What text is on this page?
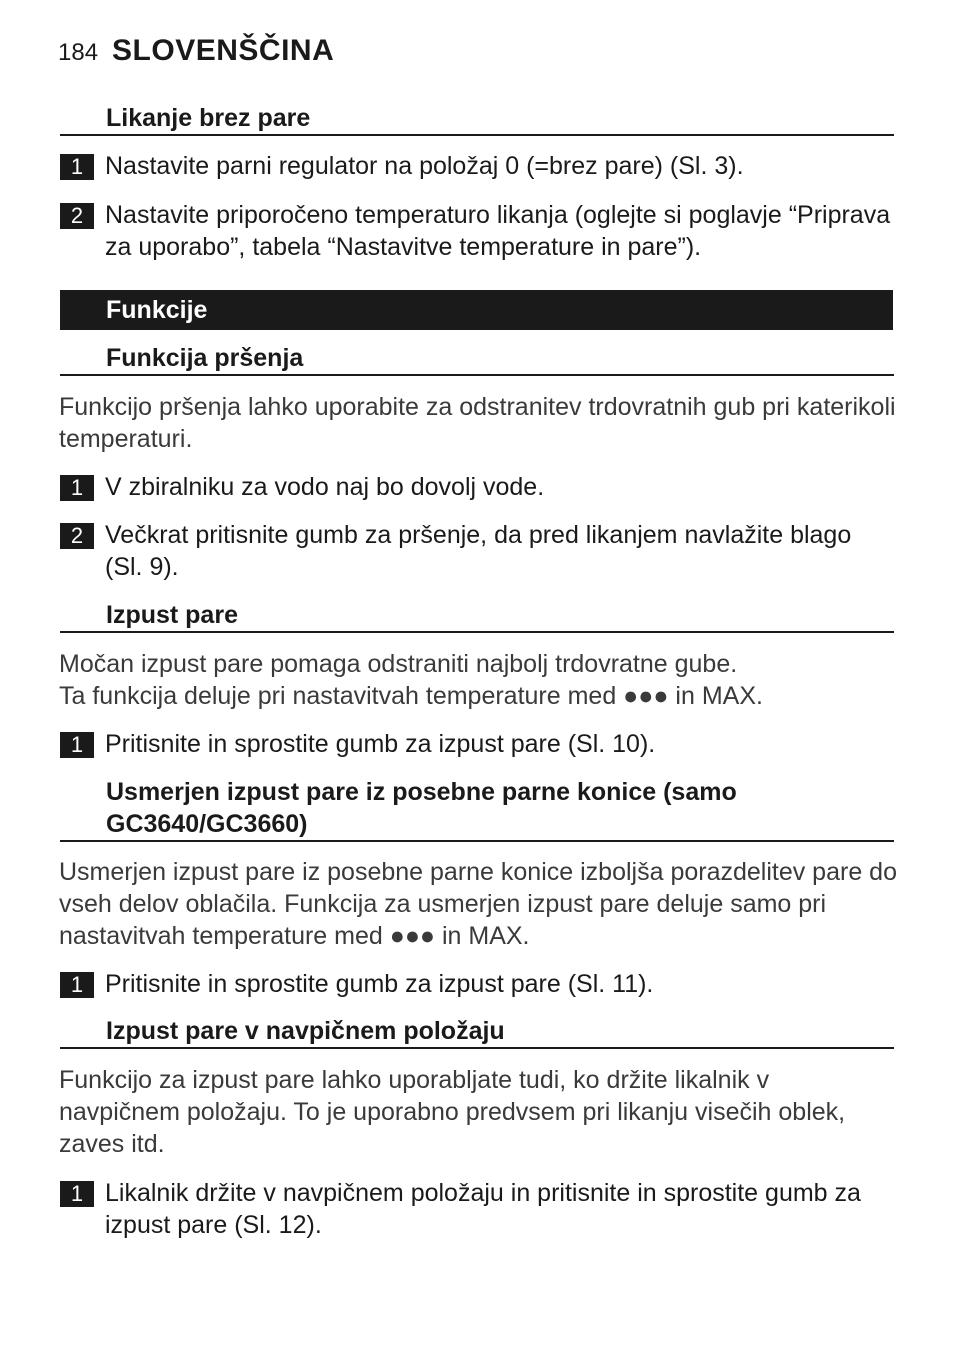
184 SLOVENŠČINA
Likanje brez pare
1 Nastavite parni regulator na položaj 0 (=brez pare) (Sl. 3).
2 Nastavite priporočeno temperaturo likanja (oglejte si poglavje “Priprava za uporabo”, tabela “Nastavitve temperature in pare”).
Funkcije
Funkcija pršenja
Funkcijo pršenja lahko uporabite za odstranitev trdovratnih gub pri katerikoli temperaturi.
1 V zbiralniku za vodo naj bo dovolj vode.
2 Večkrat pritisnite gumb za pršenje, da pred likanjem navlažite blago (Sl. 9).
Izpust pare
Močan izpust pare pomaga odstraniti najbolj trdovratne gube.
Ta funkcija deluje pri nastavitvah temperature med ●●● in MAX.
1 Pritisnite in sprostite gumb za izpust pare (Sl. 10).
Usmerjen izpust pare iz posebne parne konice (samo GC3640/GC3660)
Usmerjen izpust pare iz posebne parne konice izboljša porazdelitev pare do vseh delov oblačila. Funkcija za usmerjen izpust pare deluje samo pri nastavitvah temperature med ●●● in MAX.
1 Pritisnite in sprostite gumb za izpust pare (Sl. 11).
Izpust pare v navpičnem položaju
Funkcijo za izpust pare lahko uporabljate tudi, ko držite likalnik v navpičnem položaju. To je uporabno predvsem pri likanju visečih oblek, zaves itd.
1 Likalnik držite v navpičnem položaju in pritisnite in sprostite gumb za izpust pare (Sl. 12).
